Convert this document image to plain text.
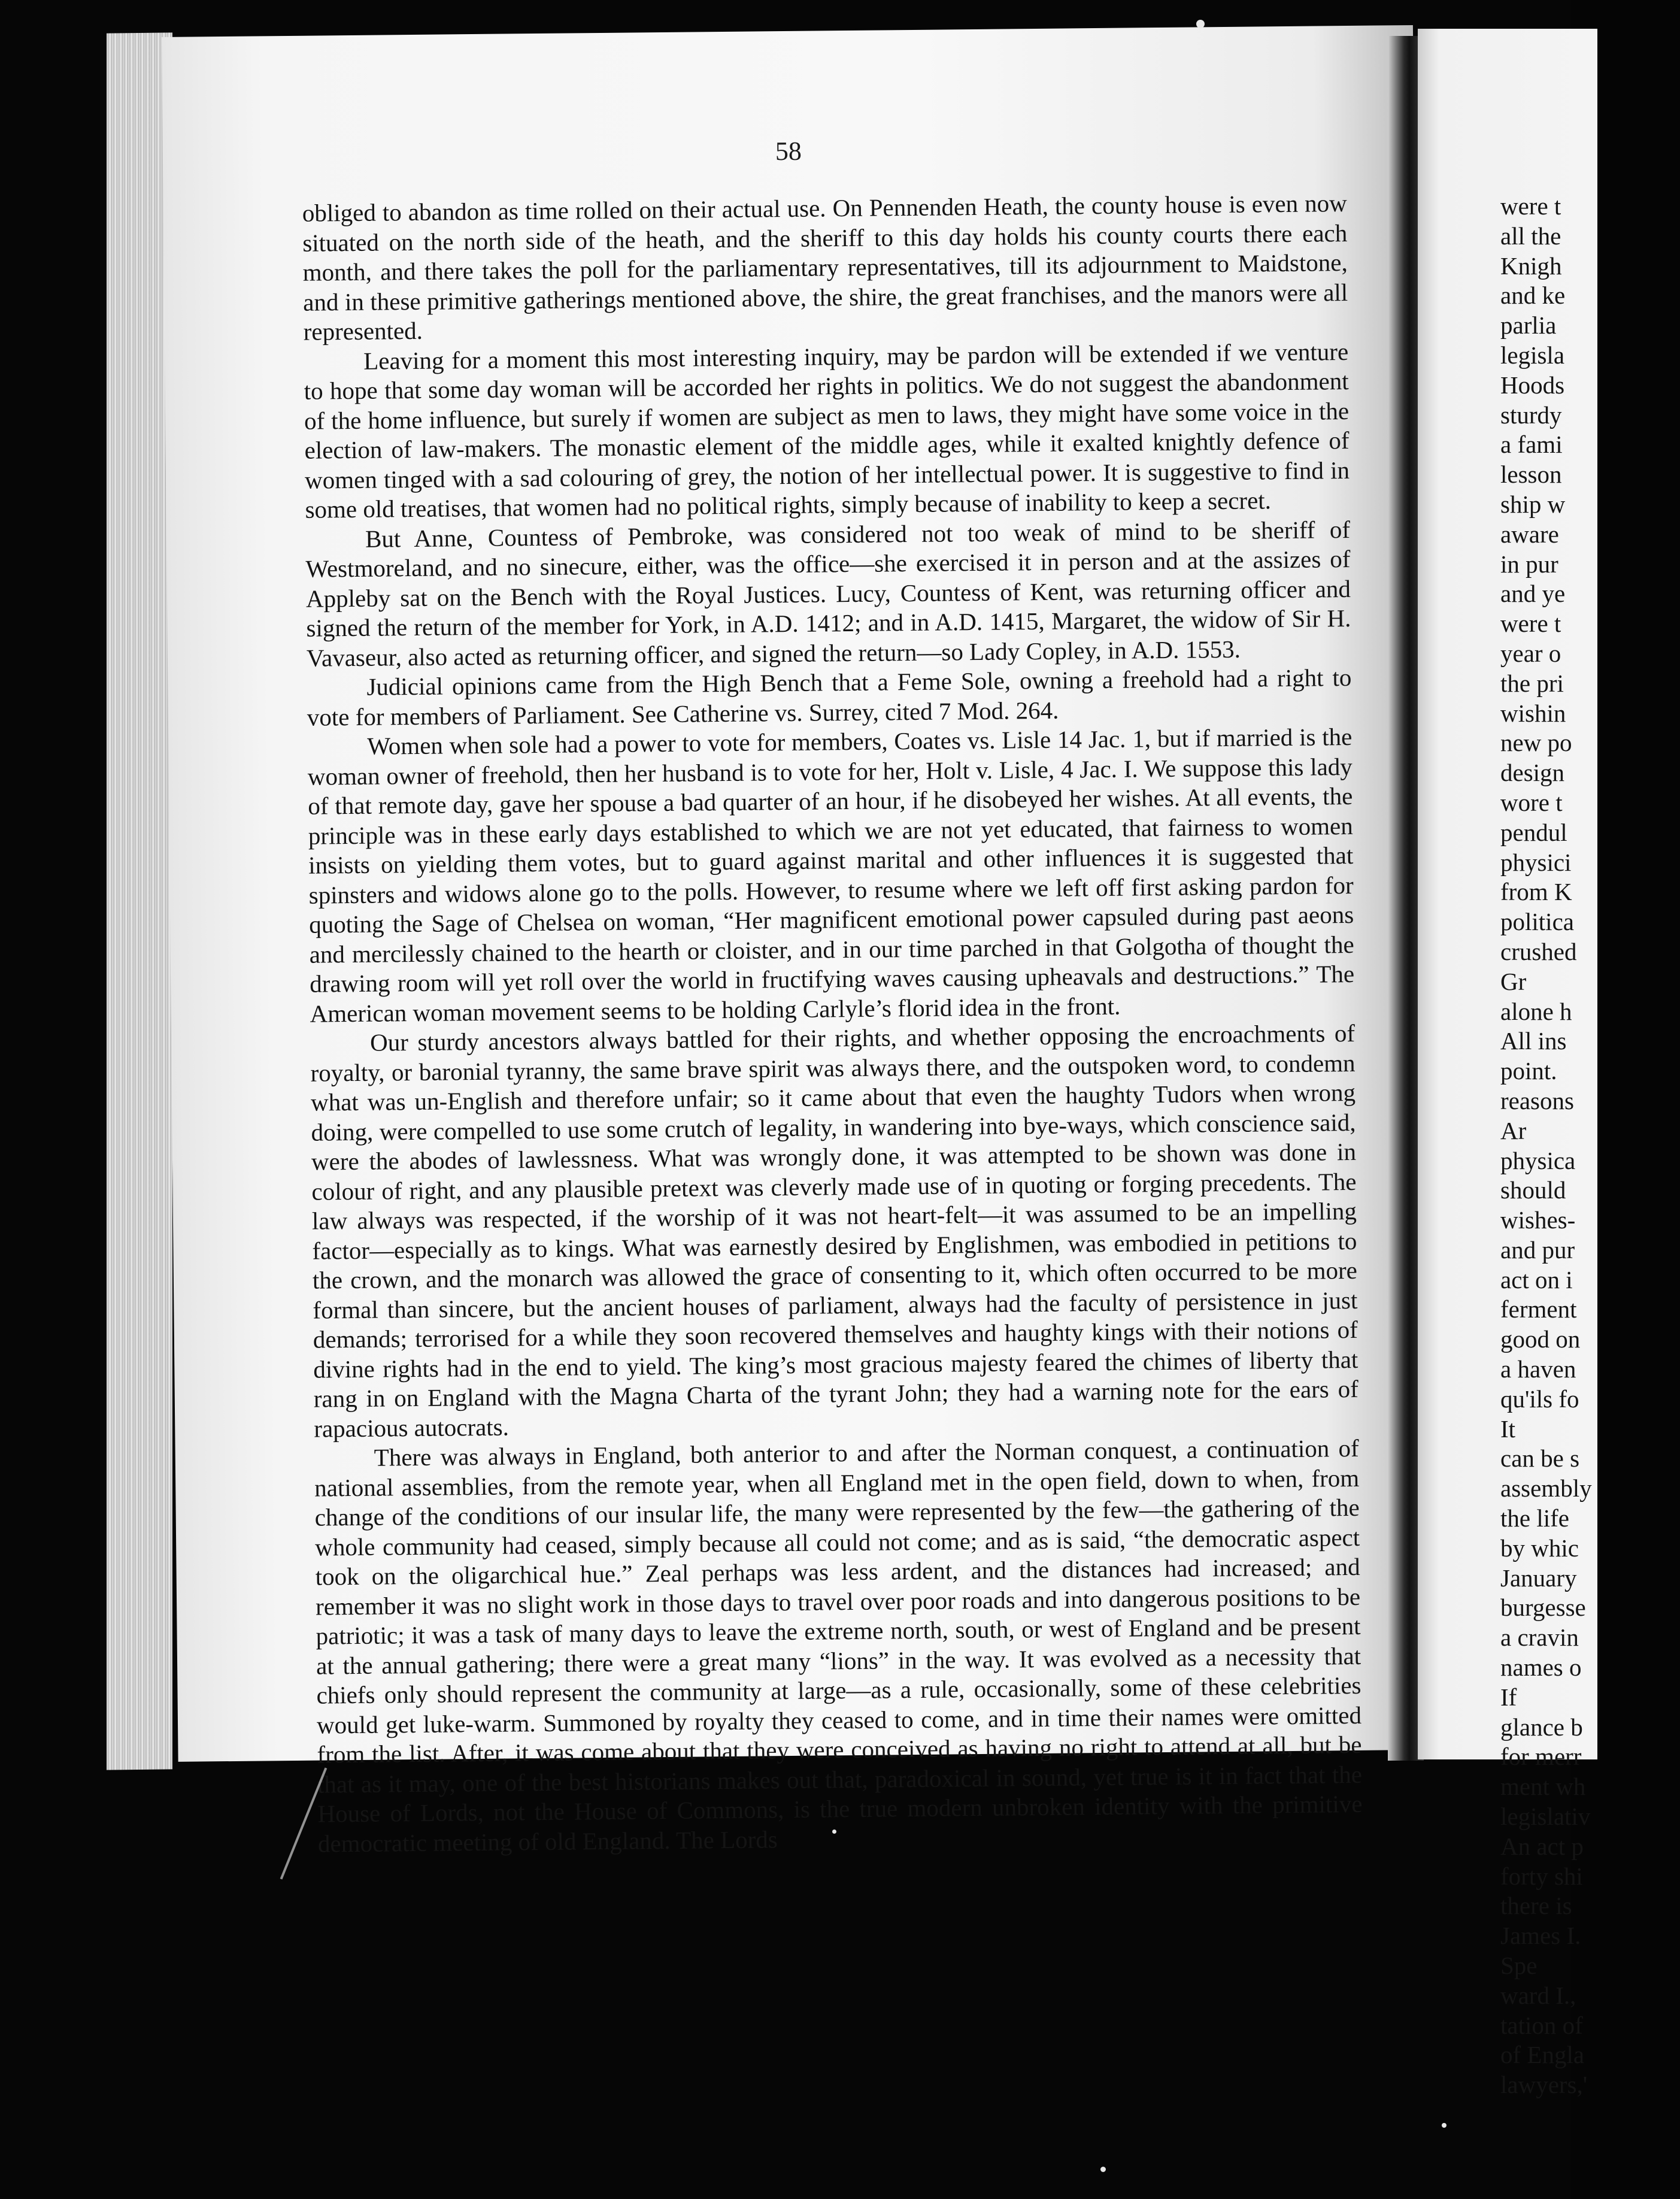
58

obliged to abandon as time rolled on their actual use. On Pennenden Heath, the county house is even now situated on the north side of the heath, and the sheriff to this day holds his county courts there each month, and there takes the poll for the parliamentary representatives, till its adjournment to Maidstone, and in these primitive gatherings mentioned above, the shire, the great franchises, and the manors were all represented.

Leaving for a moment this most interesting inquiry, may be pardon will be extended if we venture to hope that some day woman will be accorded her rights in politics. We do not suggest the abandonment of the home influence, but surely if women are subject as men to laws, they might have some voice in the election of law-makers. The monastic element of the middle ages, while it exalted knightly defence of women tinged with a sad colouring of grey, the notion of her intellectual power. It is suggestive to find in some old treatises, that women had no political rights, simply because of inability to keep a secret.

But Anne, Countess of Pembroke, was considered not too weak of mind to be sheriff of Westmoreland, and no sinecure, either, was the office—she exercised it in person and at the assizes of Appleby sat on the Bench with the Royal Justices. Lucy, Countess of Kent, was returning officer and signed the return of the member for York, in A.D. 1412; and in A.D. 1415, Margaret, the widow of Sir H. Vavaseur, also acted as returning officer, and signed the return—so Lady Copley, in A.D. 1553.

Judicial opinions came from the High Bench that a Feme Sole, owning a freehold had a right to vote for members of Parliament. See Catherine vs. Surrey, cited 7 Mod. 264.

Women when sole had a power to vote for members, Coates vs. Lisle 14 Jac. 1, but if married is the woman owner of freehold, then her husband is to vote for her, Holt v. Lisle, 4 Jac. I. We suppose this lady of that remote day, gave her spouse a bad quarter of an hour, if he disobeyed her wishes. At all events, the principle was in these early days established to which we are not yet educated, that fairness to women insists on yielding them votes, but to guard against marital and other influences it is suggested that spinsters and widows alone go to the polls. However, to resume where we left off first asking pardon for quoting the Sage of Chelsea on woman, “Her magnificent emotional power capsuled during past aeons and mercilessly chained to the hearth or cloister, and in our time parched in that Golgotha of thought the drawing room will yet roll over the world in fructifying waves causing upheavals and destructions.” The American woman movement seems to be holding Carlyle’s florid idea in the front.

Our sturdy ancestors always battled for their rights, and whether opposing the encroachments of royalty, or baronial tyranny, the same brave spirit was always there, and the outspoken word, to condemn what was un-English and therefore unfair; so it came about that even the haughty Tudors when wrong doing, were compelled to use some crutch of legality, in wandering into bye-ways, which conscience said, were the abodes of lawlessness. What was wrongly done, it was attempted to be shown was done in colour of right, and any plausible pretext was cleverly made use of in quoting or forging precedents. The law always was respected, if the worship of it was not heart-felt—it was assumed to be an impelling factor—especially as to kings. What was earnestly desired by Englishmen, was embodied in petitions to the crown, and the monarch was allowed the grace of consenting to it, which often occurred to be more formal than sincere, but the ancient houses of parliament, always had the faculty of persistence in just demands; terrorised for a while they soon recovered themselves and haughty kings with their notions of divine rights had in the end to yield. The king’s most gracious majesty feared the chimes of liberty that rang in on England with the Magna Charta of the tyrant John; they had a warning note for the ears of rapacious autocrats.

There was always in England, both anterior to and after the Norman conquest, a continuation of national assemblies, from the remote year, when all England met in the open field, down to when, from change of the conditions of our insular life, the many were represented by the few—the gathering of the whole community had ceased, simply because all could not come; and as is said, “the democratic aspect took on the oligarchical hue.” Zeal perhaps was less ardent, and the distances had increased; and remember it was no slight work in those days to travel over poor roads and into dangerous positions to be patriotic; it was a task of many days to leave the extreme north, south, or west of England and be present at the annual gathering; there were a great many “lions” in the way. It was evolved as a necessity that chiefs only should represent the community at large—as a rule, occasionally, some of these celebrities would get luke-warm. Summoned by royalty they ceased to come, and in time their names were omitted from the list. After, it was come about that they were conceived as having no right to attend at all, but be that as it may, one of the best historians makes out that, paradoxical in sound, yet true is it in fact that the House of Lords, not the House of Commons, is the true modern unbroken identity with the primitive democratic meeting of old England. The Lords

were t
all the
Knigh
and ke
parlia
legisla
Hoods
sturdy
a fami
lesson
ship w
aware
in pur
and ye
were t
year o
the pri
wishin
new po
design
wore t
pendul
physici
from K
politica
crushed
Gr
alone h
All ins
point.
reasons
Ar
physica
should
wishes-
and pur
act on i
ferment
good on
a haven
qu'ils fo
It
can be s
assembly
the life
by whic
January
burgesse
a cravin
names o
If
glance b
for merr
ment wh
legislativ
An act p
forty shi
there is
James I.
Spe
ward I.,
tation of
of Engla
lawyers,'
